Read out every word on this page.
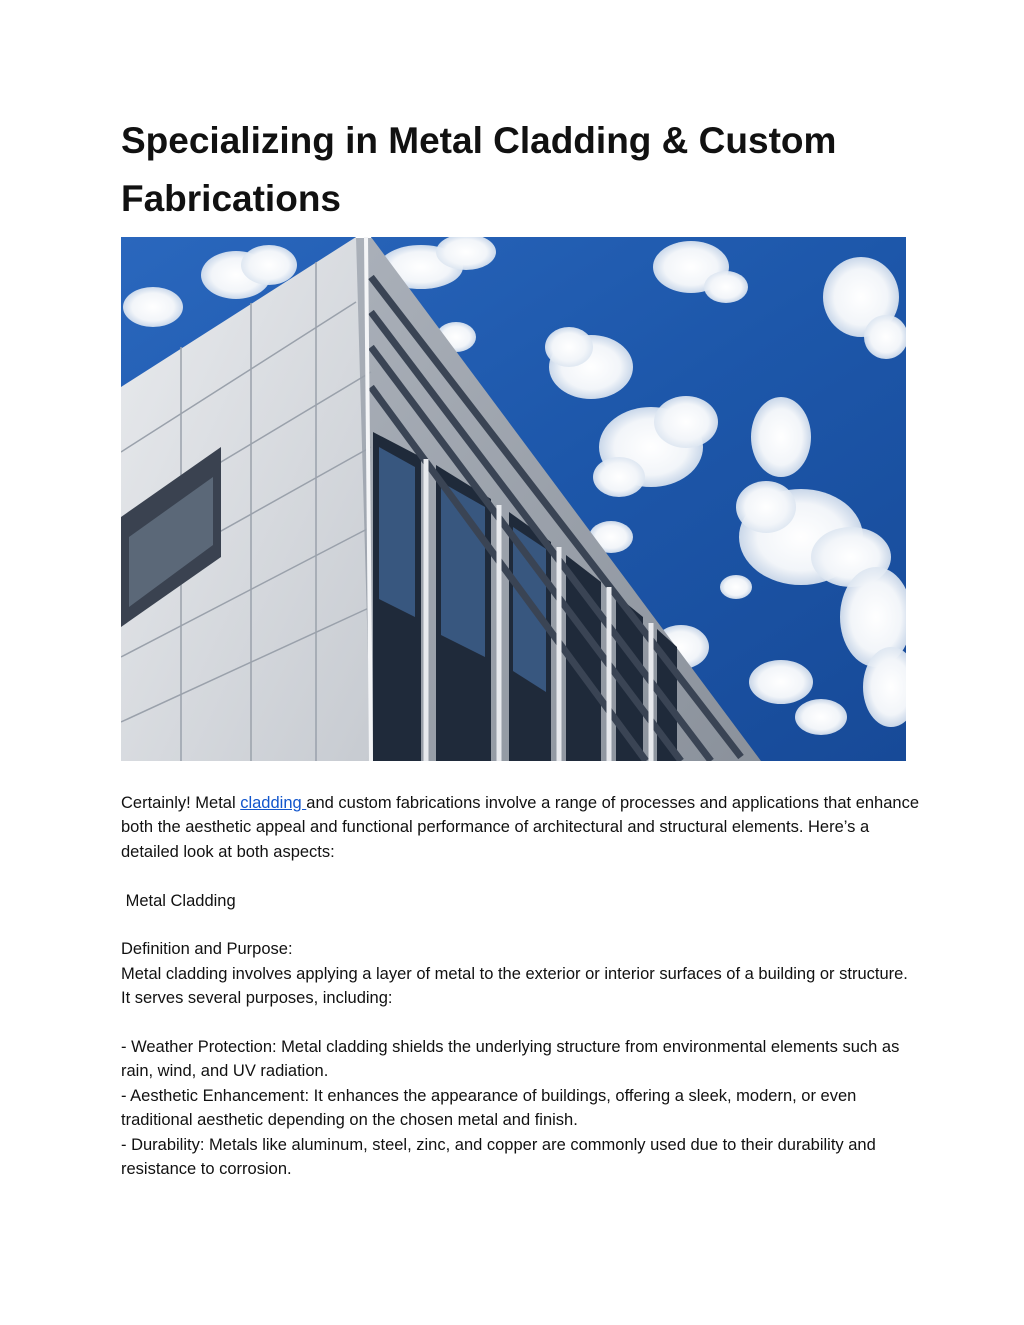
Specializing in Metal Cladding & Custom Fabrications

Certainly! Metal cladding and custom fabrications involve a range of processes and applications that enhance both the aesthetic appeal and functional performance of architectural and structural elements. Here’s a detailed look at both aspects:

Metal Cladding

Definition and Purpose:

Metal cladding involves applying a layer of metal to the exterior or interior surfaces of a building or structure. It serves several purposes, including:

- Weather Protection: Metal cladding shields the underlying structure from environmental elements such as rain, wind, and UV radiation.

- Aesthetic Enhancement: It enhances the appearance of buildings, offering a sleek, modern, or even traditional aesthetic depending on the chosen metal and finish.

- Durability: Metals like aluminum, steel, zinc, and copper are commonly used due to their durability and resistance to corrosion.
